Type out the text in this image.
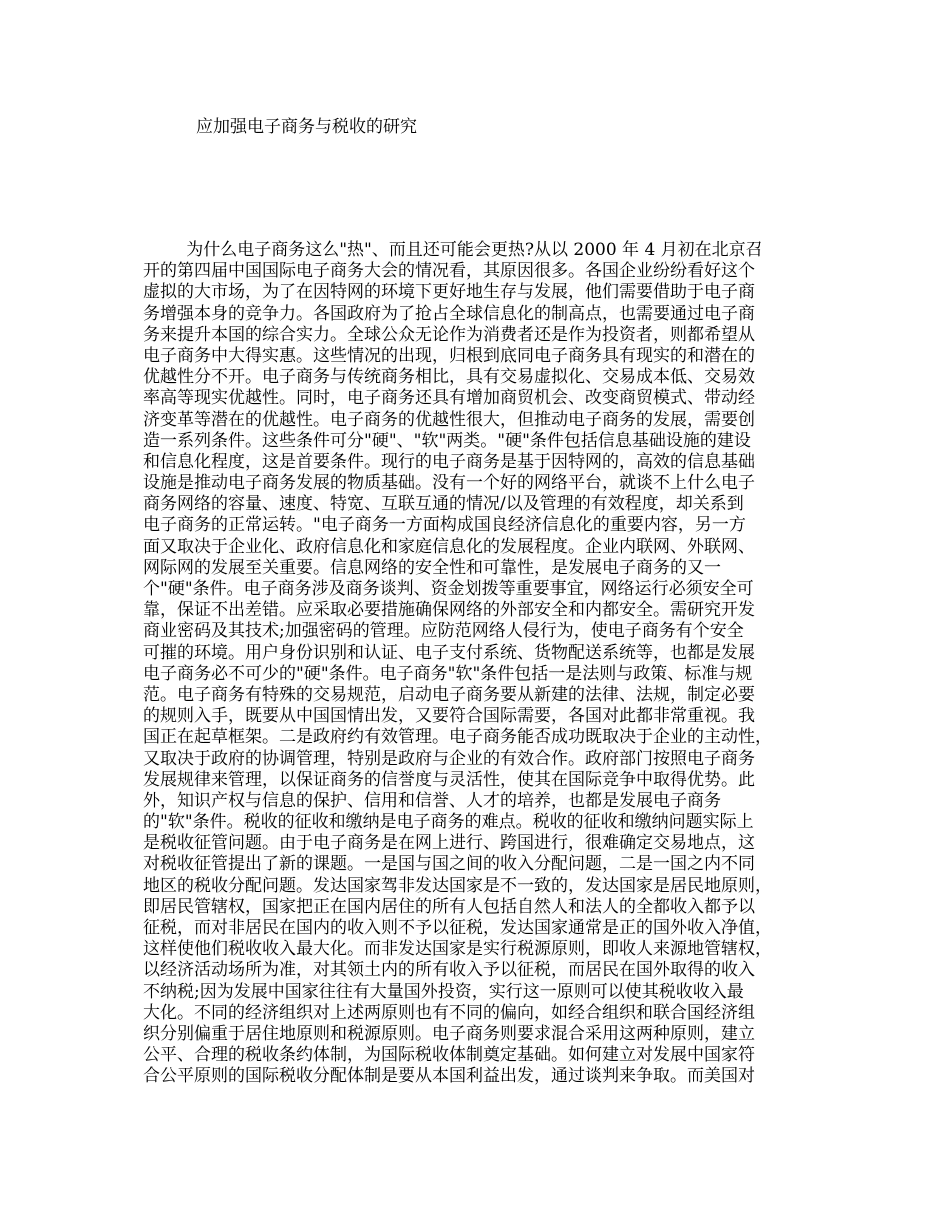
应加强电子商务与税收的研究
为什么电子商务这么"热"、而且还可能会更热?从以 2000 年 4 月初在北京召
开的第四届中国国际电子商务大会的情况看，其原因很多。各国企业纷纷看好这个
虚拟的大市场，为了在因特网的环境下更好地生存与发展，他们需要借助于电子商
务增强本身的竞争力。各国政府为了抢占全球信息化的制高点，也需要通过电子商
务来提升本国的综合实力。全球公众无论作为消费者还是作为投资者，则都希望从
电子商务中大得实惠。这些情况的出现，归根到底同电子商务具有现实的和潜在的
优越性分不开。电子商务与传统商务相比，具有交易虚拟化、交易成本低、交易效
率高等现实优越性。同时，电子商务还具有增加商贸机会、改变商贸模式、带动经
济变革等潜在的优越性。电子商务的优越性很大，但推动电子商务的发展，需要创
造一系列条件。这些条件可分"硬"、"软"两类。"硬"条件包括信息基础设施的建设
和信息化程度，这是首要条件。现行的电子商务是基于因特网的，高效的信息基础
设施是推动电子商务发展的物质基础。没有一个好的网络平台，就谈不上什么电子
商务网络的容量、速度、特宽、互联互通的情况/以及管理的有效程度，却关系到
电子商务的正常运转。"电子商务一方面构成国良经济信息化的重要内容，另一方
面又取决于企业化、政府信息化和家庭信息化的发展程度。企业内联网、外联网、
网际网的发展至关重要。信息网络的安全性和可靠性，是发展电子商务的又一
个"硬"条件。电子商务涉及商务谈判、资金划拨等重要事宜，网络运行必须安全可
靠，保证不出差错。应采取必要措施确保网络的外部安全和内都安全。需研究开发
商业密码及其技术;加强密码的管理。应防范网络人侵行为，使电子商务有个安全
可摧的环境。用户身份识别和认证、电子支付系统、货物配送系统等，也都是发展
电子商务必不可少的"硬"条件。电子商务"软"条件包括一是法则与政策、标准与规
范。电子商务有特殊的交易规范，启动电子商务要从新建的法律、法规，制定必要
的规则入手，既要从中国国情出发，又要符合国际需要，各国对此都非常重视。我
国正在起草框架。二是政府约有效管理。电子商务能否成功既取决于企业的主动性，
又取决于政府的协调管理，特别是政府与企业的有效合作。政府部门按照电子商务
发展规律来管理，以保证商务的信誉度与灵活性，使其在国际竞争中取得优势。此
外，知识产权与信息的保护、信用和信誉、人才的培养，也都是发展电子商务
的"软"条件。税收的征收和缴纳是电子商务的难点。税收的征收和缴纳问题实际上
是税收征管问题。由于电子商务是在网上进行、跨国进行，很难确定交易地点，这
对税收征管提出了新的课题。一是国与国之间的收入分配问题，二是一国之内不同
地区的税收分配问题。发达国家驾非发达国家是不一致的，发达国家是居民地原则，
即居民管辖权，国家把正在国内居住的所有人包括自然人和法人的全都收入都予以
征税，而对非居民在国内的收入则不予以征税，发达国家通常是正的国外收入净值，
这样使他们税收收入最大化。而非发达国家是实行税源原则，即收人来源地管辖权，
以经济活动场所为准，对其领土内的所有收入予以征税，而居民在国外取得的收入
不纳税;因为发展中国家往往有大量国外投资，实行这一原则可以使其税收收入最
大化。不同的经济组织对上述两原则也有不同的偏向，如经合组织和联合国经济组
织分别偏重于居住地原则和税源原则。电子商务则要求混合采用这两种原则，建立
公平、合理的税收条约体制，为国际税收体制奠定基础。如何建立对发展中国家符
合公平原则的国际税收分配体制是要从本国利益出发，通过谈判来争取。而美国对
